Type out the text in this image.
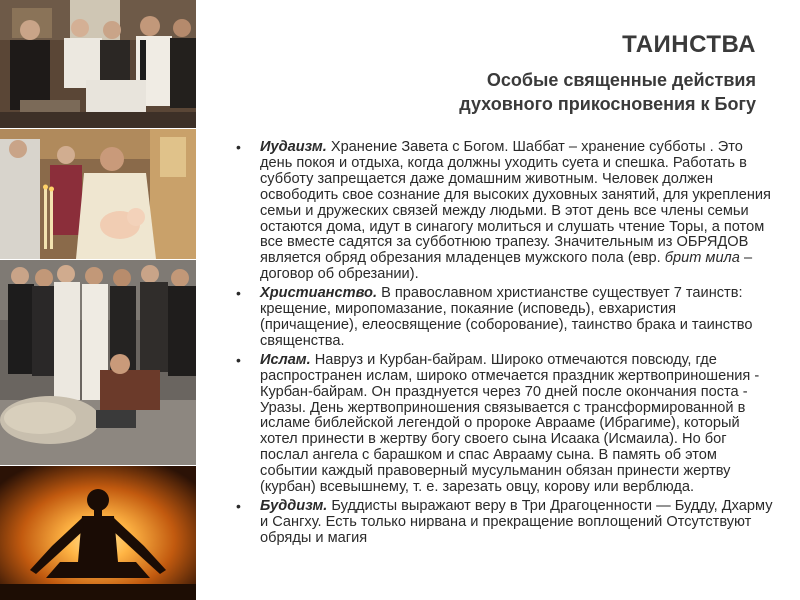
ТАИНСТВА
Особые священные действия
духовного прикосновения к Богу
• Иудаизм. Хранение Завета с Богом. Шаббат – хранение субботы . Это день покоя и отдыха, когда должны уходить суета и спешка. Работать в субботу запрещается даже домашним животным. Человек должен освободить свое сознание для высоких духовных занятий, для укрепления семьи и дружеских связей между людьми. В этот день все члены семьи остаются дома, идут в синагогу молиться и слушать чтение Торы, а потом все вместе садятся за субботнюю трапезу. Значительным из ОБРЯДОВ является обряд обрезания младенцев мужского пола (евр. брит мила – договор об обрезании).
• Христианство. В православном христианстве существует 7 таинств: крещение, миропомазание, покаяние (исповедь), евхаристия (причащение), елеосвящение (соборование), таинство брака и таинство священства.
• Ислам. Навруз и Курбан-байрам. Широко отмечаются повсюду, где распространен ислам, широко отмечается праздник жертвоприношения - Курбан-байрам. Он празднуется через 70 дней после окончания поста - Уразы. День жертвоприношения связывается с трансформированной в исламе библейской легендой о пророке Аврааме (Ибрагиме), который хотел принести в жертву богу своего сына Исаака (Исмаила). Но бог послал ангела с барашком и спас Аврааму сына. В память об этом событии каждый правоверный мусульманин обязан принести жертву (курбан) всевышнему, т. е. зарезать овцу, корову или верблюда.
• Буддизм. Буддисты выражают веру в Три Драгоценности — Будду, Дхарму и Сангху. Есть только нирвана и прекращение воплощений Отсутствуют обряды и магия
